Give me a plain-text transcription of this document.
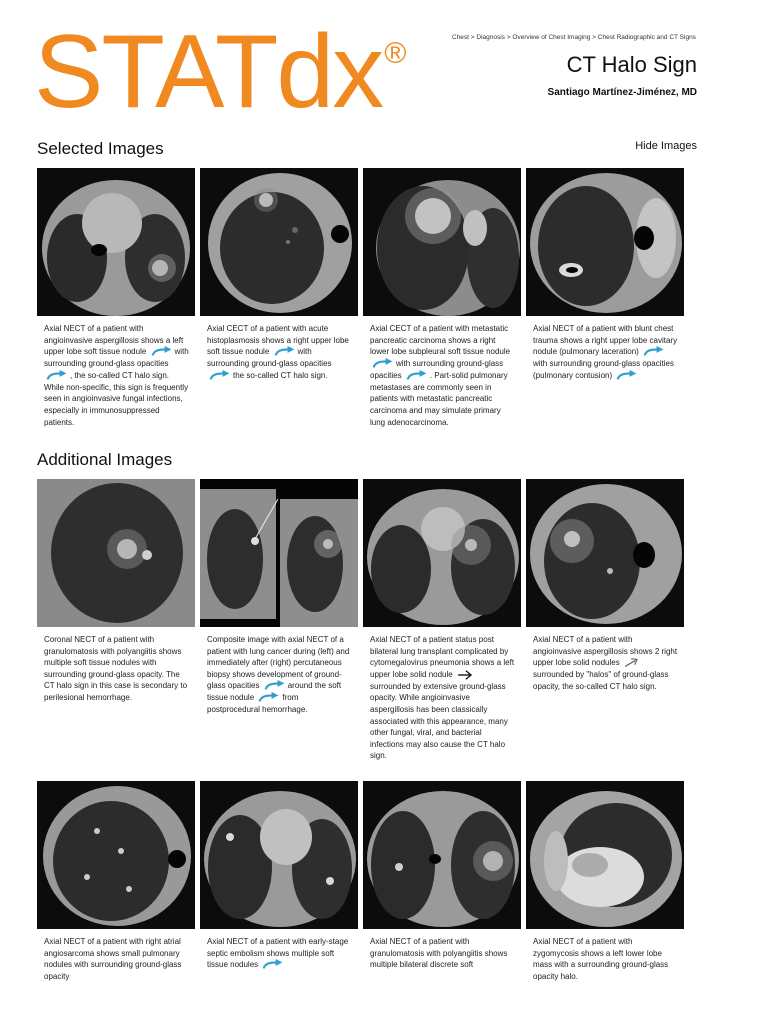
STATdx®	Chest > Diagnosis > Overview of Chest Imaging > Chest Radiographic and CT Signs
CT Halo Sign
Santiago Martínez-Jiménez, MD
Selected Images	Hide Images
Axial NECT of a patient with angioinvasive aspergillosis shows a left upper lobe soft tissue nodule	with surrounding ground-glass opacities , the so-called CT halo sign. While non-specific, this sign is frequently seen in angioinvasive fungal infections, especially in immunosuppressed patients.
Axial CECT of a patient with acute histoplasmosis shows a right upper lobe soft tissue nodule	with surrounding ground-glass opacities the so-called CT halo sign.
Axial CECT of a patient with metastatic pancreatic carcinoma shows a right lower lobe subpleural soft tissue nodule with surrounding ground-glass opacities	. Part-solid pulmonary metastases are commonly seen in patients with metastatic pancreatic carcinoma and may simulate primary lung adenocarcinoma.
Axial NECT of a patient with blunt chest trauma shows a right upper lobe cavitary nodule (pulmonary laceration) with surrounding ground-glass opacities (pulmonary contusion)
Additional Images
Coronal NECT of a patient with granulomatosis with polyangiitis shows multiple soft tissue nodules with surrounding ground-glass opacity. The CT halo sign in this case is secondary to perilesional hemorrhage.
Composite image with axial NECT of a patient with lung cancer during (left) and immediately after (right) percutaneous biopsy shows development of ground-glass opacities	around the soft tissue nodule	from postprocedural hemorrhage.
Axial NECT of a patient status post bilateral lung transplant complicated by cytomegalovirus pneumonia shows a left upper lobe solid nodule surrounded by extensive ground-glass opacity. While angioinvasive aspergillosis has been classically associated with this appearance, many other fungal, viral, and bacterial infections may also cause the CT halo sign.
Axial NECT of a patient with angioinvasive aspergillosis shows 2 right upper lobe solid nodules surrounded by "halos" of ground-glass opacity, the so-called CT halo sign.
Axial NECT of a patient with right atrial angiosarcoma shows small pulmonary nodules with surrounding ground-glass opacity
Axial NECT of a patient with early-stage septic embolism shows multiple soft tissue nodules
Axial NECT of a patient with granulomatosis with polyangiitis shows multiple bilateral discrete soft
Axial NECT of a patient with zygomycosis shows a left lower lobe mass with a surrounding ground-glass opacity halo.
